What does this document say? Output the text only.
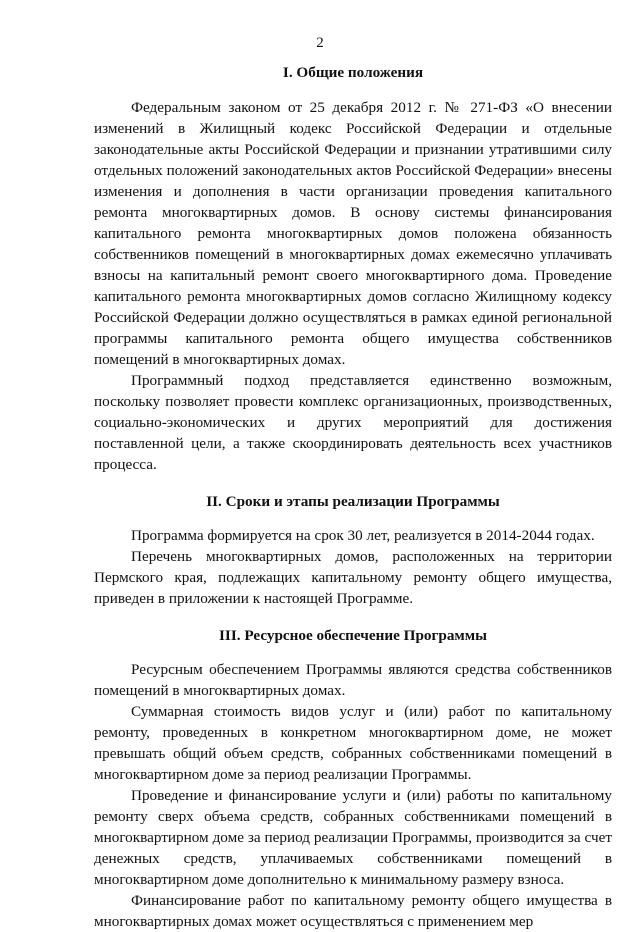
2
I. Общие положения

Федеральным законом от 25 декабря 2012 г. № 271-ФЗ «О внесении изменений в Жилищный кодекс Российской Федерации и отдельные законодательные акты Российской Федерации и признании утратившими силу отдельных положений законодательных актов Российской Федерации» внесены изменения и дополнения в части организации проведения капитального ремонта многоквартирных домов. В основу системы финансирования капитального ремонта многоквартирных домов положена обязанность собственников помещений в многоквартирных домах ежемесячно уплачивать взносы на капитальный ремонт своего многоквартирного дома. Проведение капитального ремонта многоквартирных домов согласно Жилищному кодексу Российской Федерации должно осуществляться в рамках единой региональной программы капитального ремонта общего имущества собственников помещений в многоквартирных домах.

Программный подход представляется единственно возможным, поскольку позволяет провести комплекс организационных, производственных, социально-экономических и других мероприятий для достижения поставленной цели, а также скоординировать деятельность всех участников процесса.

II. Сроки и этапы реализации Программы

Программа формируется на срок 30 лет, реализуется в 2014-2044 годах.

Перечень многоквартирных домов, расположенных на территории Пермского края, подлежащих капитальному ремонту общего имущества, приведен в приложении к настоящей Программе.

III. Ресурсное обеспечение Программы

Ресурсным обеспечением Программы являются средства собственников помещений в многоквартирных домах.

Суммарная стоимость видов услуг и (или) работ по капитальному ремонту, проведенных в конкретном многоквартирном доме, не может превышать общий объем средств, собранных собственниками помещений в многоквартирном доме за период реализации Программы.

Проведение и финансирование услуги и (или) работы по капитальному ремонту сверх объема средств, собранных собственниками помещений в многоквартирном доме за период реализации Программы, производится за счет денежных средств, уплачиваемых собственниками помещений в многоквартирном доме дополнительно к минимальному размеру взноса.

Финансирование работ по капитальному ремонту общего имущества в многоквартирных домах может осуществляться с применением мер
